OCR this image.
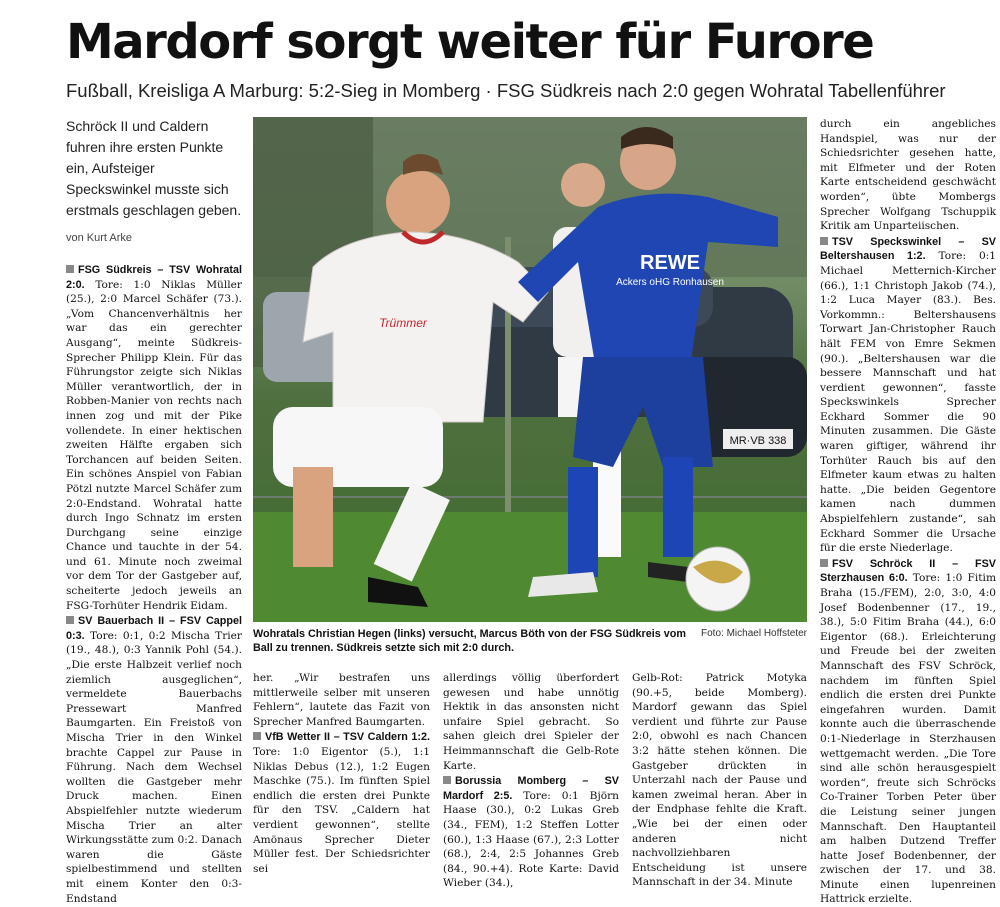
Mardorf sorgt weiter für Furore
Fußball, Kreisliga A Marburg: 5:2-Sieg in Momberg · FSG Südkreis nach 2:0 gegen Wohratal Tabellenführer
Schröck II und Caldern fuhren ihre ersten Punkte ein, Aufsteiger Speckswinkel musste sich erstmals geschlagen geben.
von Kurt Arke

FSG Südkreis – TSV Wohratal 2:0. Tore: 1:0 Niklas Müller (25.), 2:0 Marcel Schäfer (73.). „Vom Chancenverhältnis her war das ein gerechter Ausgang“, meinte Südkreis-Sprecher Philipp Klein. Für das Führungstor zeigte sich Niklas Müller verantwortlich, der in Robben-Manier von rechts nach innen zog und mit der Pike vollendete. In einer hektischen zweiten Hälfte ergaben sich Torchancen auf beiden Seiten. Ein schönes Anspiel von Fabian Pötzl nutzte Marcel Schäfer zum 2:0-Endstand. Wohratal hatte durch Ingo Schnatz im ersten Durchgang seine einzige Chance und tauchte in der 54. und 61. Minute noch zweimal vor dem Tor der Gastgeber auf, scheiterte jedoch jeweils an FSG-Torhüter Hendrik Eidam.

SV Bauerbach II – FSV Cappel 0:3. Tore: 0:1, 0:2 Mischa Trier (19., 48.), 0:3 Yannik Pohl (54.). „Die erste Halbzeit verlief noch ziemlich ausgeglichen“, vermeldete Bauerbachs Pressewart Manfred Baumgarten. Ein Freistoß von Mischa Trier in den Winkel brachte Cappel zur Pause in Führung. Nach dem Wechsel wollten die Gastgeber mehr Druck machen. Einen Abspielfehler nutzte wiederum Mischa Trier an alter Wirkungsstätte zum 0:2. Danach waren die Gäste spielbestimmend und stellten mit einem Konter den 0:3-Endstand

MR·VB 338
Trümmer
REWE
Ackers oHG Ronhausen
Foto: Michael Hoffsteter
Wohratals Christian Hegen (links) versucht, Marcus Böth von der FSG Südkreis vom Ball zu trennen. Südkreis setzte sich mit 2:0 durch.

her. „Wir bestrafen uns mittlerweile selber mit unseren Fehlern“, lautete das Fazit von Sprecher Manfred Baumgarten.

VfB Wetter II – TSV Caldern 1:2. Tore: 1:0 Eigentor (5.), 1:1 Niklas Debus (12.), 1:2 Eugen Maschke (75.). Im fünften Spiel endlich die ersten drei Punkte für den TSV. „Caldern hat verdient gewonnen“, stellte Amönaus Sprecher Dieter Müller fest. Der Schiedsrichter sei

allerdings völlig überfordert gewesen und habe unnötig Hektik in das ansonsten nicht unfaire Spiel gebracht. So sahen gleich drei Spieler der Heimmannschaft die Gelb-Rote Karte.

Borussia Momberg – SV Mardorf 2:5. Tore: 0:1 Björn Haase (30.), 0:2 Lukas Greb (34., FEM), 1:2 Steffen Lotter (60.), 1:3 Haase (67.), 2:3 Lotter (68.), 2:4, 2:5 Johannes Greb (84., 90.+4). Rote Karte: David Wieber (34.),

Gelb-Rot: Patrick Motyka (90.+5, beide Momberg). Mardorf gewann das Spiel verdient und führte zur Pause 2:0, obwohl es nach Chancen 3:2 hätte stehen können. Die Gastgeber drückten in Unterzahl nach der Pause und kamen zweimal heran. Aber in der Endphase fehlte die Kraft. „Wie bei der einen oder anderen nicht nachvollziehbaren Entscheidung ist unsere Mannschaft in der 34. Minute

durch ein angebliches Handspiel, was nur der Schiedsrichter gesehen hatte, mit Elfmeter und der Roten Karte entscheidend geschwächt worden“, übte Mombergs Sprecher Wolfgang Tschuppik Kritik am Unparteiischen.

TSV Speckswinkel – SV Beltershausen 1:2. Tore: 0:1 Michael Metternich-Kircher (66.), 1:1 Christoph Jakob (74.), 1:2 Luca Mayer (83.). Bes. Vorkommn.: Beltershausens Torwart Jan-Christopher Rauch hält FEM von Emre Sekmen (90.). „Beltershausen war die bessere Mannschaft und hat verdient gewonnen“, fasste Speckswinkels Sprecher Eckhard Sommer die 90 Minuten zusammen. Die Gäste waren giftiger, während ihr Torhüter Rauch bis auf den Elfmeter kaum etwas zu halten hatte. „Die beiden Gegentore kamen nach dummen Abspielfehlern zustande“, sah Eckhard Sommer die Ursache für die erste Niederlage.

FSV Schröck II – FSV Sterzhausen 6:0. Tore: 1:0 Fitim Braha (15./FEM), 2:0, 3:0, 4:0 Josef Bodenbenner (17., 19., 38.), 5:0 Fitim Braha (44.), 6:0 Eigentor (68.). Erleichterung und Freude bei der zweiten Mannschaft des FSV Schröck, nachdem im fünften Spiel endlich die ersten drei Punkte eingefahren wurden. Damit konnte auch die überraschende 0:1-Niederlage in Sterzhausen wettgemacht werden. „Die Tore sind alle schön herausgespielt worden“, freute sich Schröcks Co-Trainer Torben Peter über die Leistung seiner jungen Mannschaft. Den Hauptanteil am halben Dutzend Treffer hatte Josef Bodenbenner, der zwischen der 17. und 38. Minute einen lupenreinen Hattrick erzielte.
